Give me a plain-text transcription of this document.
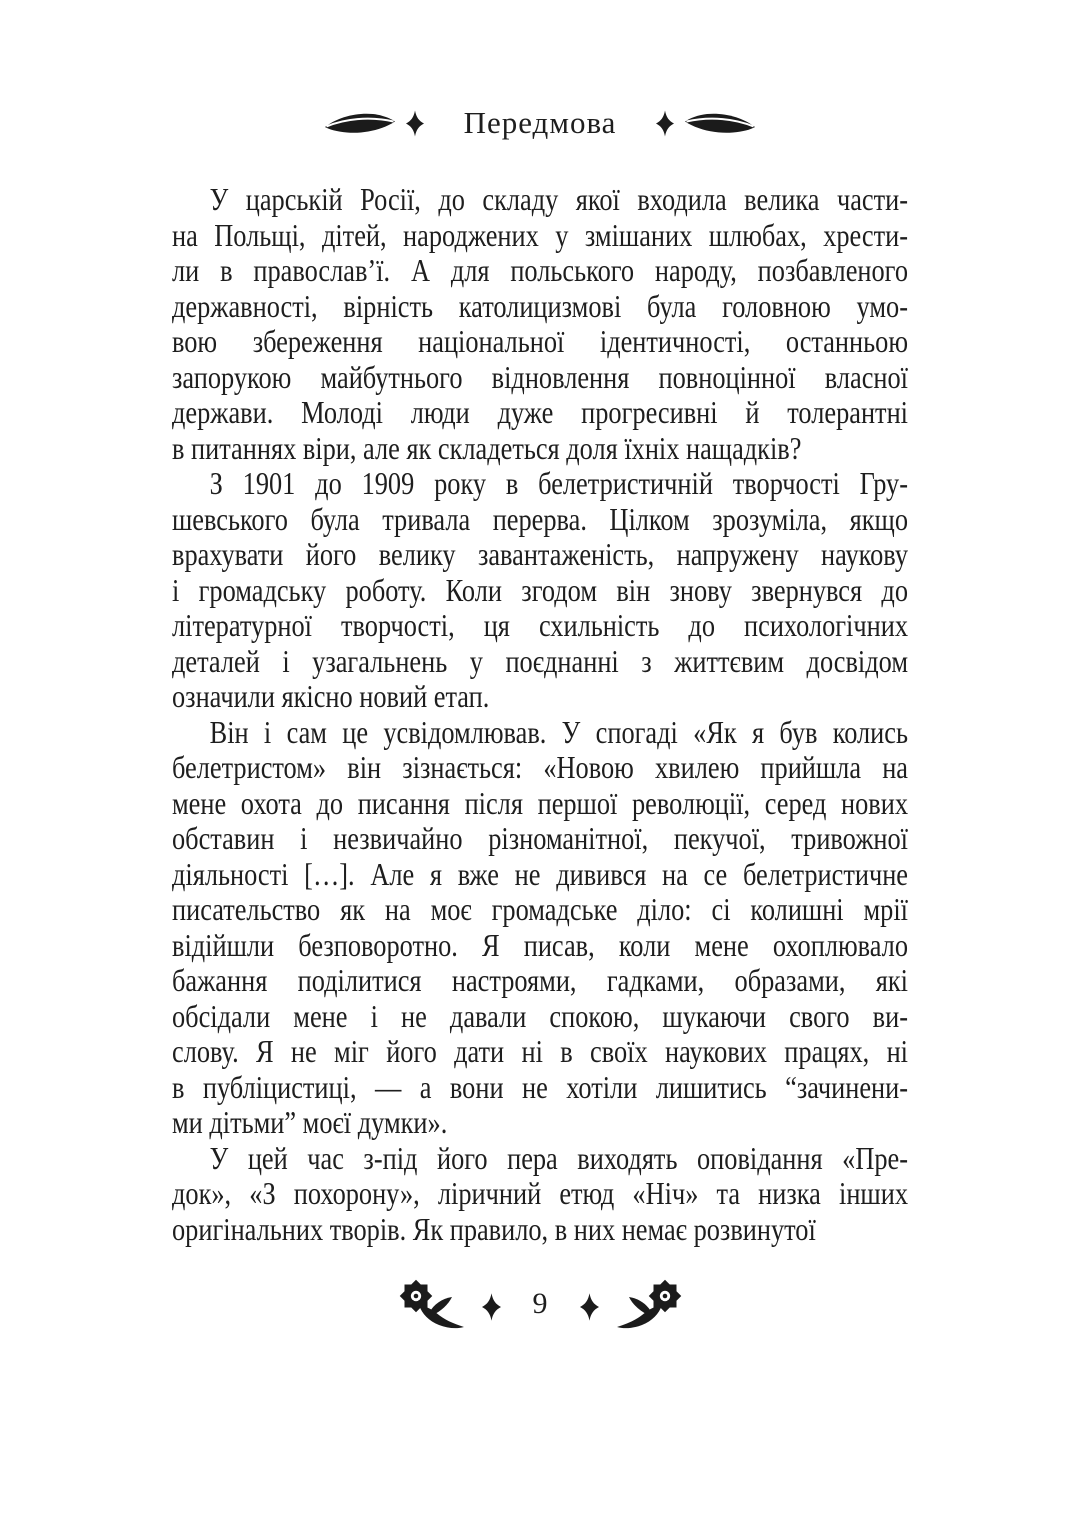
Передмова

У царській Росії, до складу якої входила велика части-
на Польщі, дітей, народжених у змішаних шлюбах, хрести-
ли в православ’ї. А для польського народу, позбавленого
державності, вірність католицизмові була головною умо-
вою збереження національної ідентичності, останньою
запорукою майбутнього відновлення повноцінної власної
держави. Молоді люди дуже прогресивні й толерантні
в питаннях віри, але як складеться доля їхніх нащадків?

З 1901 до 1909 року в белетристичній творчості Гру-
шевського була тривала перерва. Цілком зрозуміла, якщо
врахувати його велику завантаженість, напружену наукову
і громадську роботу. Коли згодом він знову звернувся до
літературної творчості, ця схильність до психологічних
деталей і узагальнень у поєднанні з життєвим досвідом
означили якісно новий етап.

Він і сам це усвідомлював. У спогаді «Як я був колись
белетристом» він зізнається: «Новою хвилею прийшла на
мене охота до писання після першої революції, серед нових
обставин і незвичайно різноманітної, пекучої, тривожної
діяльності […]. Але я вже не дивився на се белетристичне
писательство як на моє громадське діло: сі колишні мрії
відійшли безповоротно. Я писав, коли мене охоплювало
бажання поділитися настроями, гадками, образами, які
обсідали мене і не давали спокою, шукаючи свого ви-
слову. Я не міг його дати ні в своїх наукових працях, ні
в публіцистиці, — а вони не хотіли лишитись “зачинени-
ми дітьми” моєї думки».

У цей час з-під його пера виходять оповідання «Пре-
док», «З похорону», ліричний етюд «Ніч» та низка інших
оригінальних творів. Як правило, в них немає розвинутої

9
